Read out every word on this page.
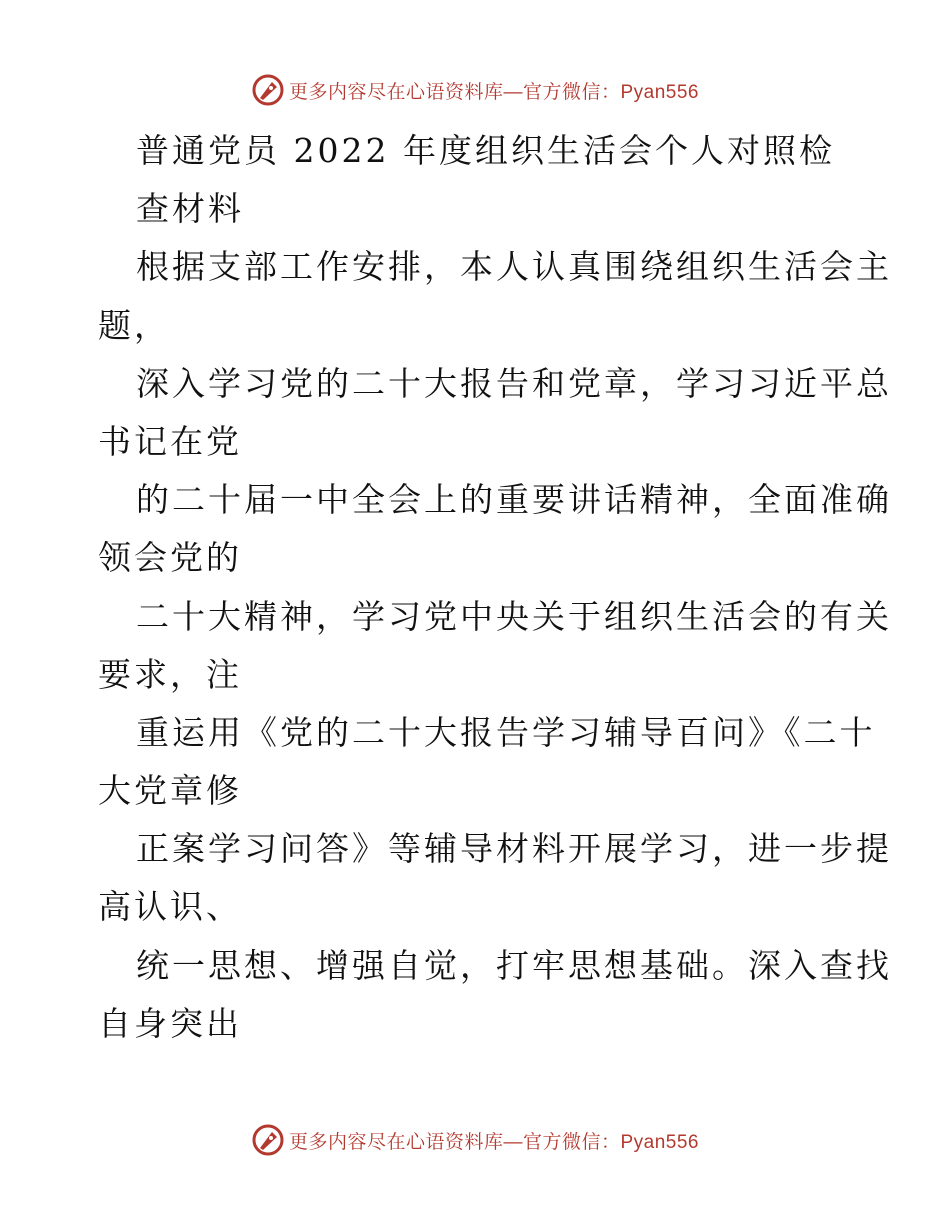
更多内容尽在心语资料库—官方微信：Pyan556
普通党员 2022 年度组织生活会个人对照检
查材料
根据支部工作安排，本人认真围绕组织生活会主
题，
深入学习党的二十大报告和党章，学习习近平总
书记在党
的二十届一中全会上的重要讲话精神，全面准确
领会党的
二十大精神，学习党中央关于组织生活会的有关
要求，注
重运用《党的二十大报告学习辅导百问》《二十
大党章修
正案学习问答》等辅导材料开展学习，进一步提
高认识、
统一思想、增强自觉，打牢思想基础。深入查找
自身突出
更多内容尽在心语资料库—官方微信：Pyan556
